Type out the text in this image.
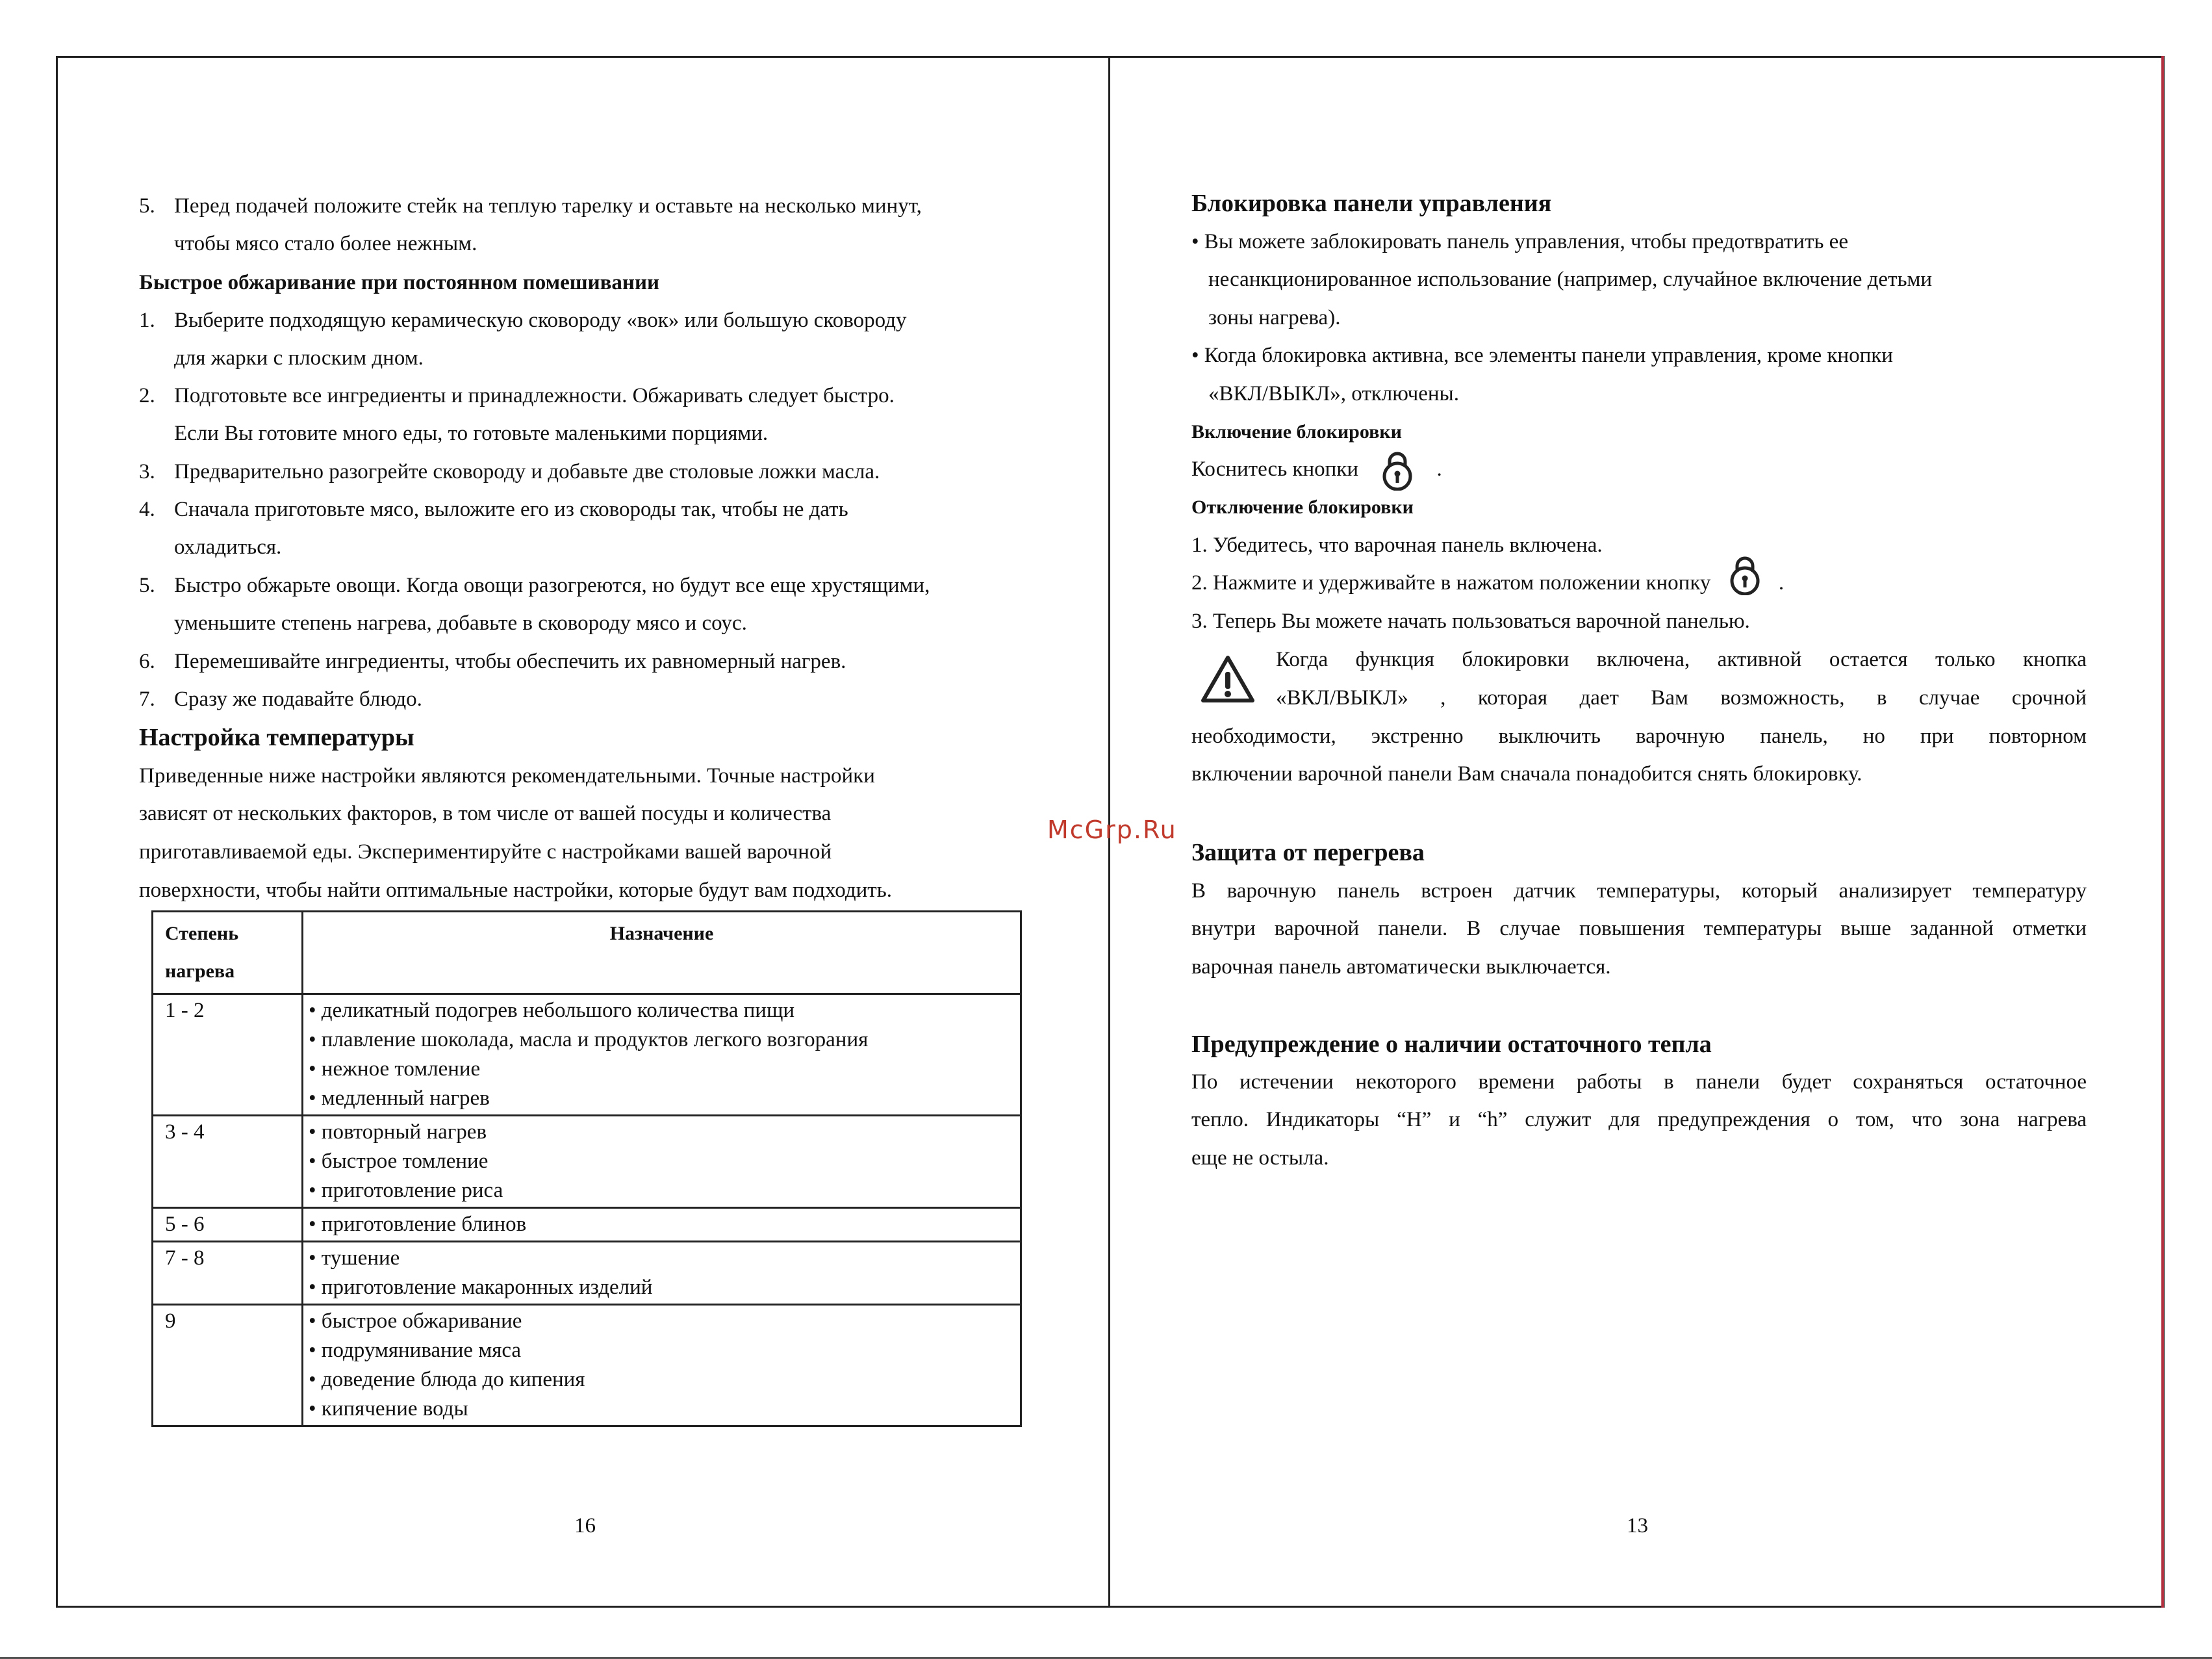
5. Перед подачей положите стейк на теплую тарелку и оставьте на несколько минут,
чтобы мясо стало более нежным.
Быстрое обжаривание при постоянном помешивании
1. Выберите подходящую керамическую сковороду «вок» или большую сковороду
для жарки с плоским дном.
2. Подготовьте все ингредиенты и принадлежности. Обжаривать следует быстро.
Если Вы готовите много еды, то готовьте маленькими порциями.
3. Предварительно разогрейте сковороду и добавьте две столовые ложки масла.
4. Сначала приготовьте мясо, выложите его из сковороды так, чтобы не дать
охладиться.
5. Быстро обжарьте овощи. Когда овощи разогреются, но будут все еще хрустящими,
уменьшите степень нагрева, добавьте в сковороду мясо и соус.
6. Перемешивайте ингредиенты, чтобы обеспечить их равномерный нагрев.
7. Сразу же подавайте блюдо.
Настройка температуры
Приведенные ниже настройки являются рекомендательными. Точные настройки
зависят от нескольких факторов, в том числе от вашей посуды и количества
приготавливаемой еды. Экспериментируйте с настройками вашей варочной
поверхности, чтобы найти оптимальные настройки, которые будут вам подходить.
16
Степень
нагрева	Назначение
1 - 2	• деликатный подогрев небольшого количества пищи
• плавление шоколада, масла и продуктов легкого возгорания
• нежное томление
• медленный нагрев

3 - 4	• повторный нагрев
• быстрое томление
• приготовление риса

5 - 6	• приготовление блинов

7 - 8	• тушение
• приготовление макаронных изделий

9	• быстрое обжаривание
• подрумянивание мяса
• доведение блюда до кипения
• кипячение воды
McGrp.Ru
Блокировка панели управления
• Вы можете заблокировать панель управления, чтобы предотвратить ее
несанкционированное использование (например, случайное включение детьми
зоны нагрева).
• Когда блокировка активна, все элементы панели управления, кроме кнопки
«ВКЛ/ВЫКЛ», отключены.
Включение блокировки
Коснитесь кнопки	.
Отключение блокировки
1. Убедитесь, что варочная панель включена.
2. Нажмите и удерживайте в нажатом положении кнопку	.
3. Теперь Вы можете начать пользоваться варочной панелью.
Когда функция блокировки включена, активной остается только кнопка
«ВКЛ/ВЫКЛ» , которая дает Вам возможность, в случае срочной
необходимости, экстренно выключить варочную панель, но при повторном
включении варочной панели Вам сначала понадобится снять блокировку.
Защита от перегрева
В варочную панель встроен датчик температуры, который анализирует температуру
внутри варочной панели. В случае повышения температуры выше заданной отметки
варочная панель автоматически выключается.
Предупреждение о наличии остаточного тепла
По истечении некоторого времени работы в панели будет сохраняться остаточное
тепло. Индикаторы “H” и “h” служит для предупреждения о том, что зона нагрева
еще не остыла.
13
